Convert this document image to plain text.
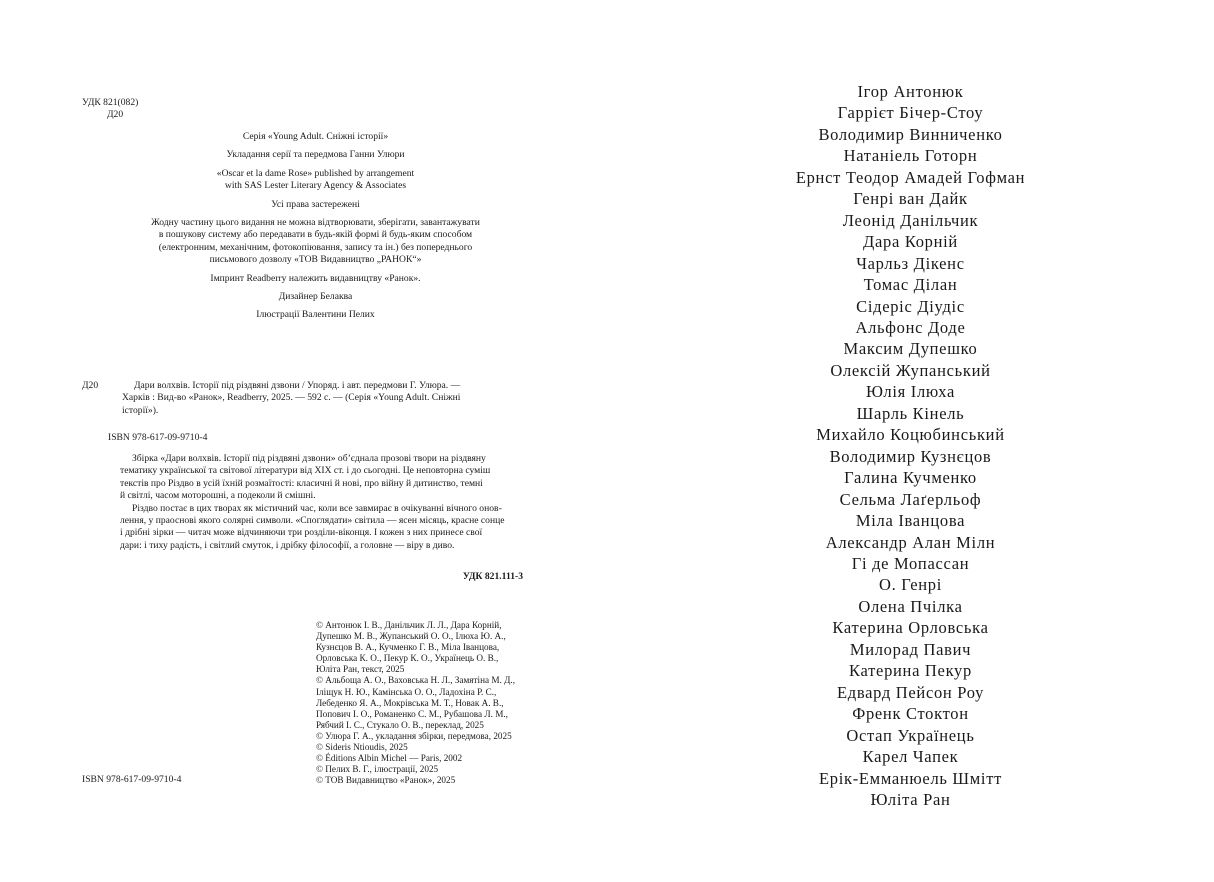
УДК 821(082)
Д20
Серія «Young Adult. Сніжні історії»
Укладання серії та передмова Ганни Улюри
«Oscar et la dame Rose» published by arrangement
with SAS Lester Literary Agency & Associates
Усі права застережені
Жодну частину цього видання не можна відтворювати, зберігати, завантажувати
в пошукову систему або передавати в будь-якій формі й будь-яким способом
(електронним, механічним, фотокопіювання, запису та ін.) без попереднього
письмового дозволу «ТОВ Видавництво „РАНОК“»
Імпринт Readberry належить видавництву «Ранок».
Дизайнер Белаква
Ілюстрації Валентини Пелих
Д20	Дари волхвів. Історії під різдвяні дзвони / Упоряд. і авт. передмови Г. Улюра. —
Харків : Вид-во «Ранок», Readberry, 2025. — 592 с. — (Серія «Young Adult. Сніжні
історії»).
ISBN 978-617-09-9710-4

Збірка «Дари волхвів. Історії під різдвяні дзвони» об’єднала прозові твори на різдвяну
тематику української та світової літератури від XIX ст. і до сьогодні. Це неповторна суміш
текстів про Різдво в усій їхній розмаїтості: класичні й нові, про війну й дитинство, темні
й світлі, часом моторошні, а подеколи й смішні.

Різдво постає в цих творах як містичний час, коли все завмирає в очікуванні вічного онов-
лення, у праоснові якого солярні символи. «Споглядати» світила — ясен місяць, красне сонце
і дрібні зірки — читач може відчиняючи три розділи-віконця. І кожен з них принесе свої
дари: і тиху радість, і світлий смуток, і дрібку філософії, а головне — віру в диво.

УДК 821.111-3
© Антонюк І. В., Данільчик Л. Л., Дара Корній,
Дупешко М. В., Жупанський О. О., Ілюха Ю. А.,
Кузнєцов В. А., Кучменко Г. В., Міла Іванцова,
Орловська К. О., Пекур К. О., Українець О. В.,
Юліта Ран, текст, 2025
© Альбоща А. О., Ваховська Н. Л., Замятіна М. Д.,
Іліщук Н. Ю., Камінська О. О., Ладохіна Р. С.,
Лебеденко Я. А., Мокрівська М. Т., Новак А. В.,
Попович І. О., Романенко С. М., Рубашова Л. М.,
Рябчий І. С., Стукало О. В., переклад, 2025
© Улюра Г. А., укладання збірки, передмова, 2025
© Sideris Ntioudis, 2025
© Éditions Albin Michel — Paris, 2002
© Пелих В. Г., ілюстрації, 2025
© ТОВ Видавництво «Ранок», 2025
ISBN 978-617-09-9710-4
Ігор Антонюк
Гаррієт Бічер-Стоу
Володимир Винниченко
Натаніель Готорн
Ернст Теодор Амадей Гофман
Генрі ван Дайк
Леонід Данільчик
Дара Корній
Чарльз Дікенс
Томас Ділан
Сідеріс Діудіс
Альфонс Доде
Максим Дупешко
Олексій Жупанський
Юлія Ілюха
Шарль Кінель
Михайло Коцюбинський
Володимир Кузнєцов
Галина Кучменко
Сельма Лаґерльоф
Міла Іванцова
Александр Алан Мілн
Гі де Мопассан
О. Генрі
Олена Пчілка
Катерина Орловська
Милорад Павич
Катерина Пекур
Едвард Пейсон Роу
Френк Стоктон
Остап Українець
Карел Чапек
Ерік-Емманюель Шмітт
Юліта Ран
